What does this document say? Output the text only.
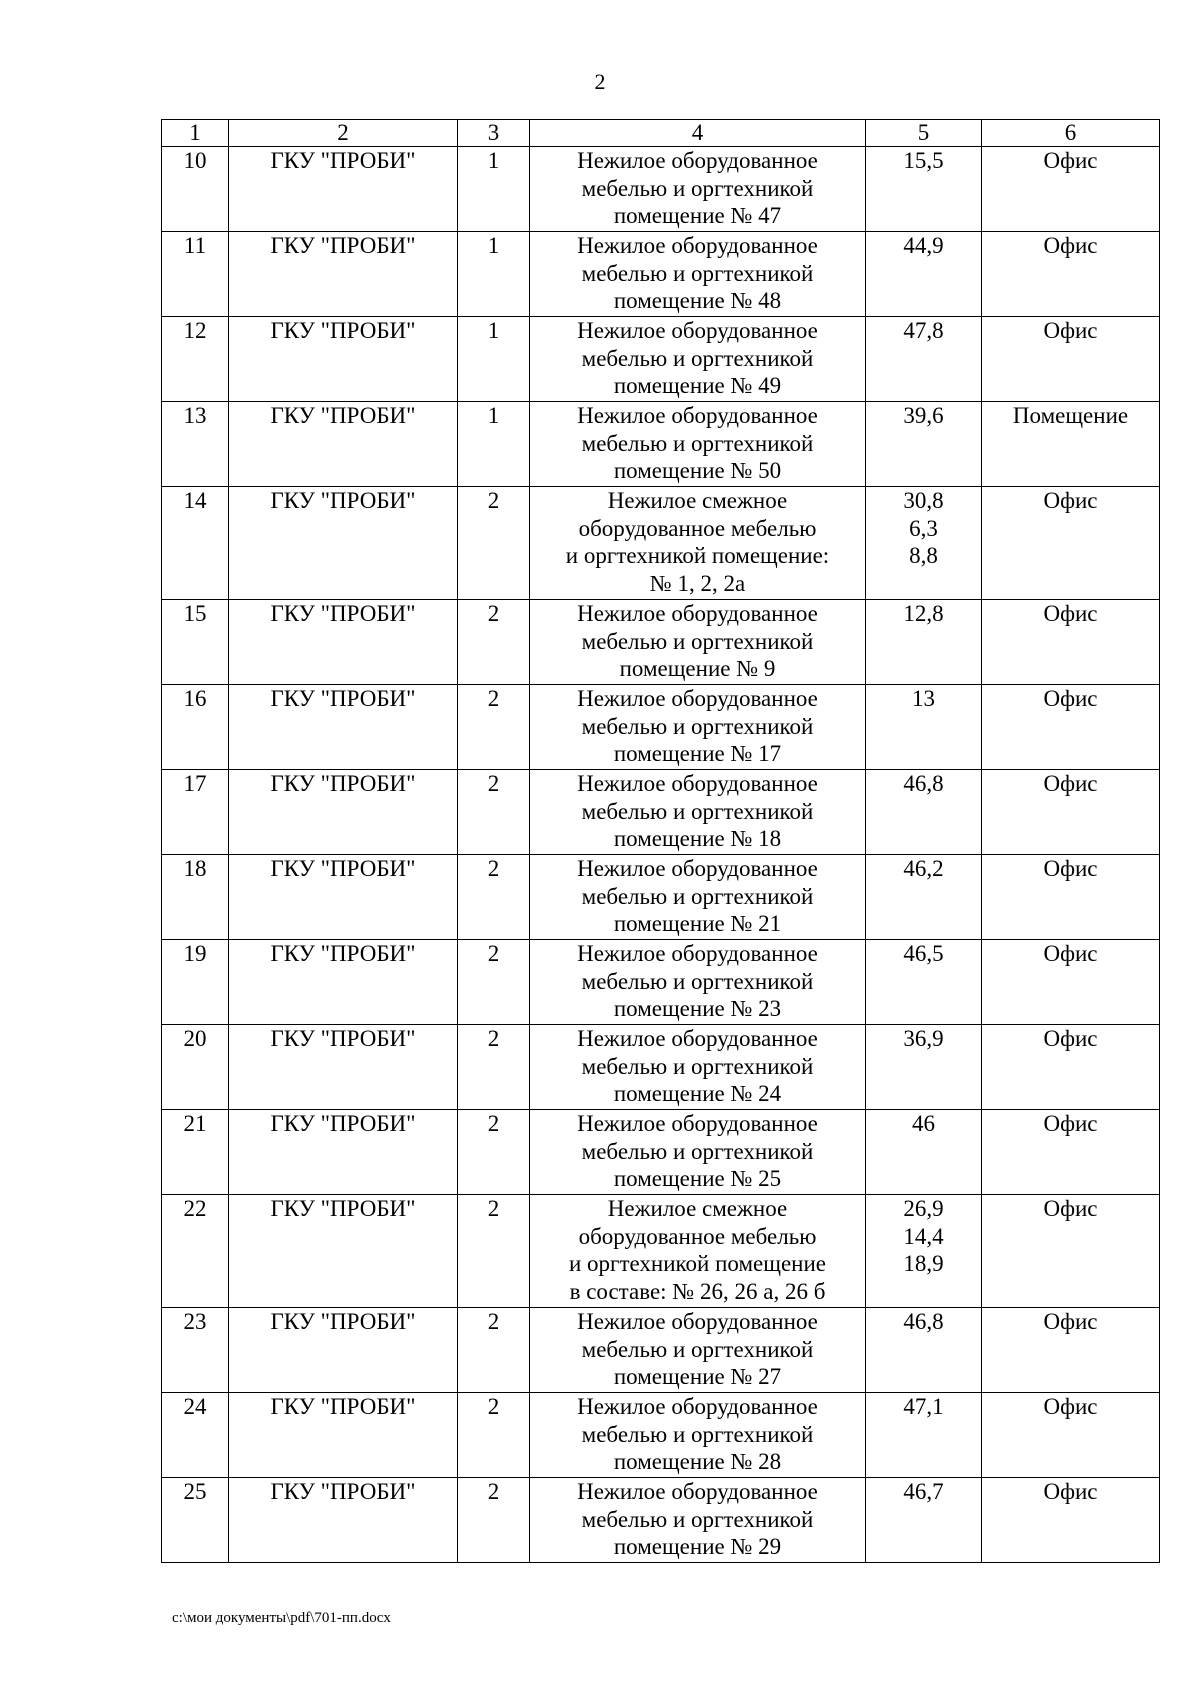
2
1	2	3	4	5	6
10	ГКУ "ПРОБИ"	1	Нежилое оборудованное
мебелью и оргтехникой
помещение № 47	15,5	Офис
11	ГКУ "ПРОБИ"	1	Нежилое оборудованное
мебелью и оргтехникой
помещение № 48	44,9	Офис
12	ГКУ "ПРОБИ"	1	Нежилое оборудованное
мебелью и оргтехникой
помещение № 49	47,8	Офис
13	ГКУ "ПРОБИ"	1	Нежилое оборудованное
мебелью и оргтехникой
помещение № 50	39,6	Помещение
14	ГКУ "ПРОБИ"	2	Нежилое смежное
оборудованное мебелью
и оргтехникой помещение:
№ 1, 2, 2а	30,8
6,3
8,8	Офис
15	ГКУ "ПРОБИ"	2	Нежилое оборудованное
мебелью и оргтехникой
помещение № 9	12,8	Офис
16	ГКУ "ПРОБИ"	2	Нежилое оборудованное
мебелью и оргтехникой
помещение № 17	13	Офис
17	ГКУ "ПРОБИ"	2	Нежилое оборудованное
мебелью и оргтехникой
помещение № 18	46,8	Офис
18	ГКУ "ПРОБИ"	2	Нежилое оборудованное
мебелью и оргтехникой
помещение № 21	46,2	Офис
19	ГКУ "ПРОБИ"	2	Нежилое оборудованное
мебелью и оргтехникой
помещение № 23	46,5	Офис
20	ГКУ "ПРОБИ"	2	Нежилое оборудованное
мебелью и оргтехникой
помещение № 24	36,9	Офис
21	ГКУ "ПРОБИ"	2	Нежилое оборудованное
мебелью и оргтехникой
помещение № 25	46	Офис
22	ГКУ "ПРОБИ"	2	Нежилое смежное
оборудованное мебелью
и оргтехникой помещение
в составе: № 26, 26 а, 26 б	26,9
14,4
18,9	Офис
23	ГКУ "ПРОБИ"	2	Нежилое оборудованное
мебелью и оргтехникой
помещение № 27	46,8	Офис
24	ГКУ "ПРОБИ"	2	Нежилое оборудованное
мебелью и оргтехникой
помещение № 28	47,1	Офис
25	ГКУ "ПРОБИ"	2	Нежилое оборудованное
мебелью и оргтехникой
помещение № 29	46,7	Офис
c:\мои документы\pdf\701-пп.docx
